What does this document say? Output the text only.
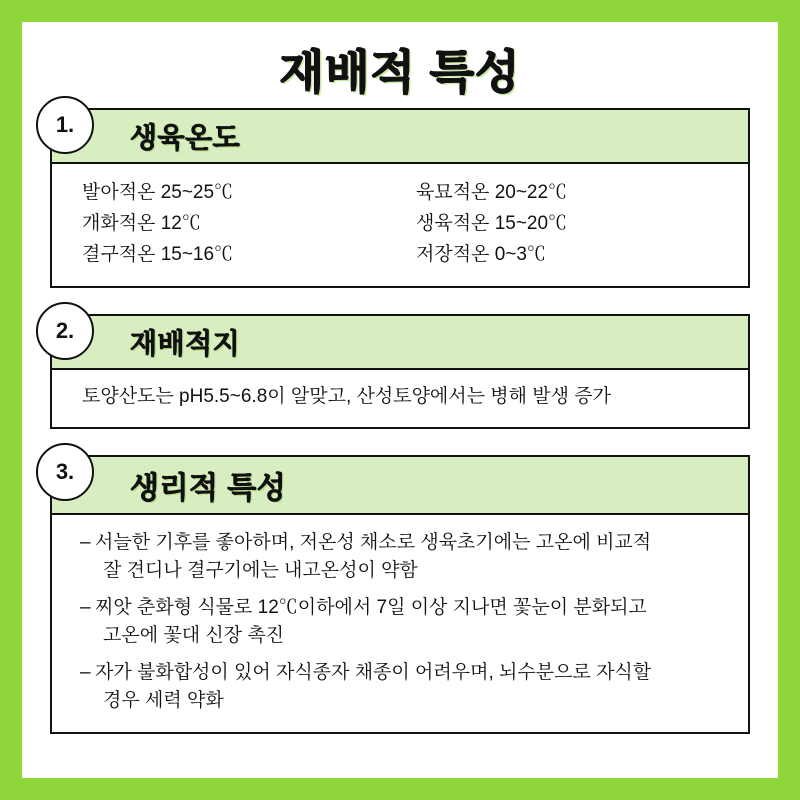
재배적 특성
1.	생육온도
발아적온 25~25℃
개화적온 12℃
결구적온 15~16℃
육묘적온 20~22℃
생육적온 15~20℃
저장적온 0~3℃
2.	재배적지
토양산도는 pH5.5~6.8이 알맞고, 산성토양에서는 병해 발생 증가
3.
생리적 특성
– 서늘한 기후를 좋아하며, 저온성 채소로 생육초기에는 고온에 비교적
잘 견디나 결구기에는 내고온성이 약함
– 찌앗 춘화형 식물로 12℃이하에서 7일 이상 지나면 꽃눈이 분화되고
고온에 꽃대 신장 촉진
– 자가 불화합성이 있어 자식종자 채종이 어려우며, 뇌수분으로 자식할
경우 세력 약화
